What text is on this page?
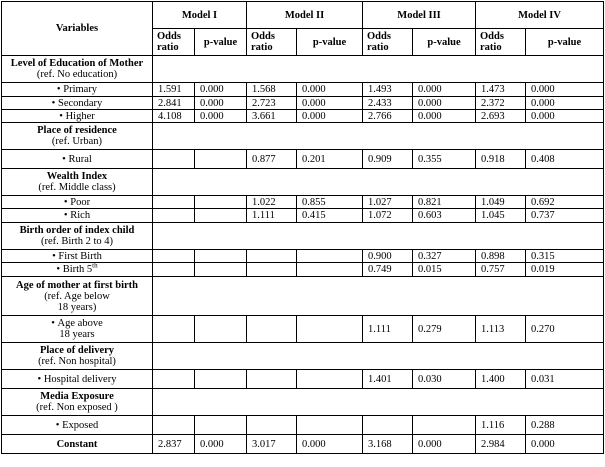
Variables	Model I		Model II		Model III		Model IV	
	Odds
ratio	p-value	Odds
ratio	p-value	Odds
ratio	p-value	Odds
ratio	p-value
Level of Education of Mother
(ref. No education)								
• Primary	1.591	0.000	1.568	0.000	1.493	0.000	1.473	0.000
• Secondary	2.841	0.000	2.723	0.000	2.433	0.000	2.372	0.000
• Higher	4.108	0.000	3.661	0.000	2.766	0.000	2.693	0.000
Place of residence
(ref. Urban)								
• Rural			0.877	0.201	0.909	0.355	0.918	0.408
Wealth Index
(ref. Middle class)								
• Poor			1.022	0.855	1.027	0.821	1.049	0.692
• Rich			1.111	0.415	1.072	0.603	1.045	0.737
Birth order of index child
(ref. Birth 2 to 4)								
• First Birth					0.900	0.327	0.898	0.315
• Birth 5th					0.749	0.015	0.757	0.019
Age of mother at first birth
(ref. Age below
18 years)								
• Age above
18 years					1.111	0.279	1.113	0.270
Place of delivery
(ref. Non hospital)								
• Hospital delivery					1.401	0.030	1.400	0.031
Media Exposure
(ref. Non exposed )								
• Exposed							1.116	0.288
Constant	2.837	0.000	3.017	0.000	3.168	0.000	2.984	0.000
